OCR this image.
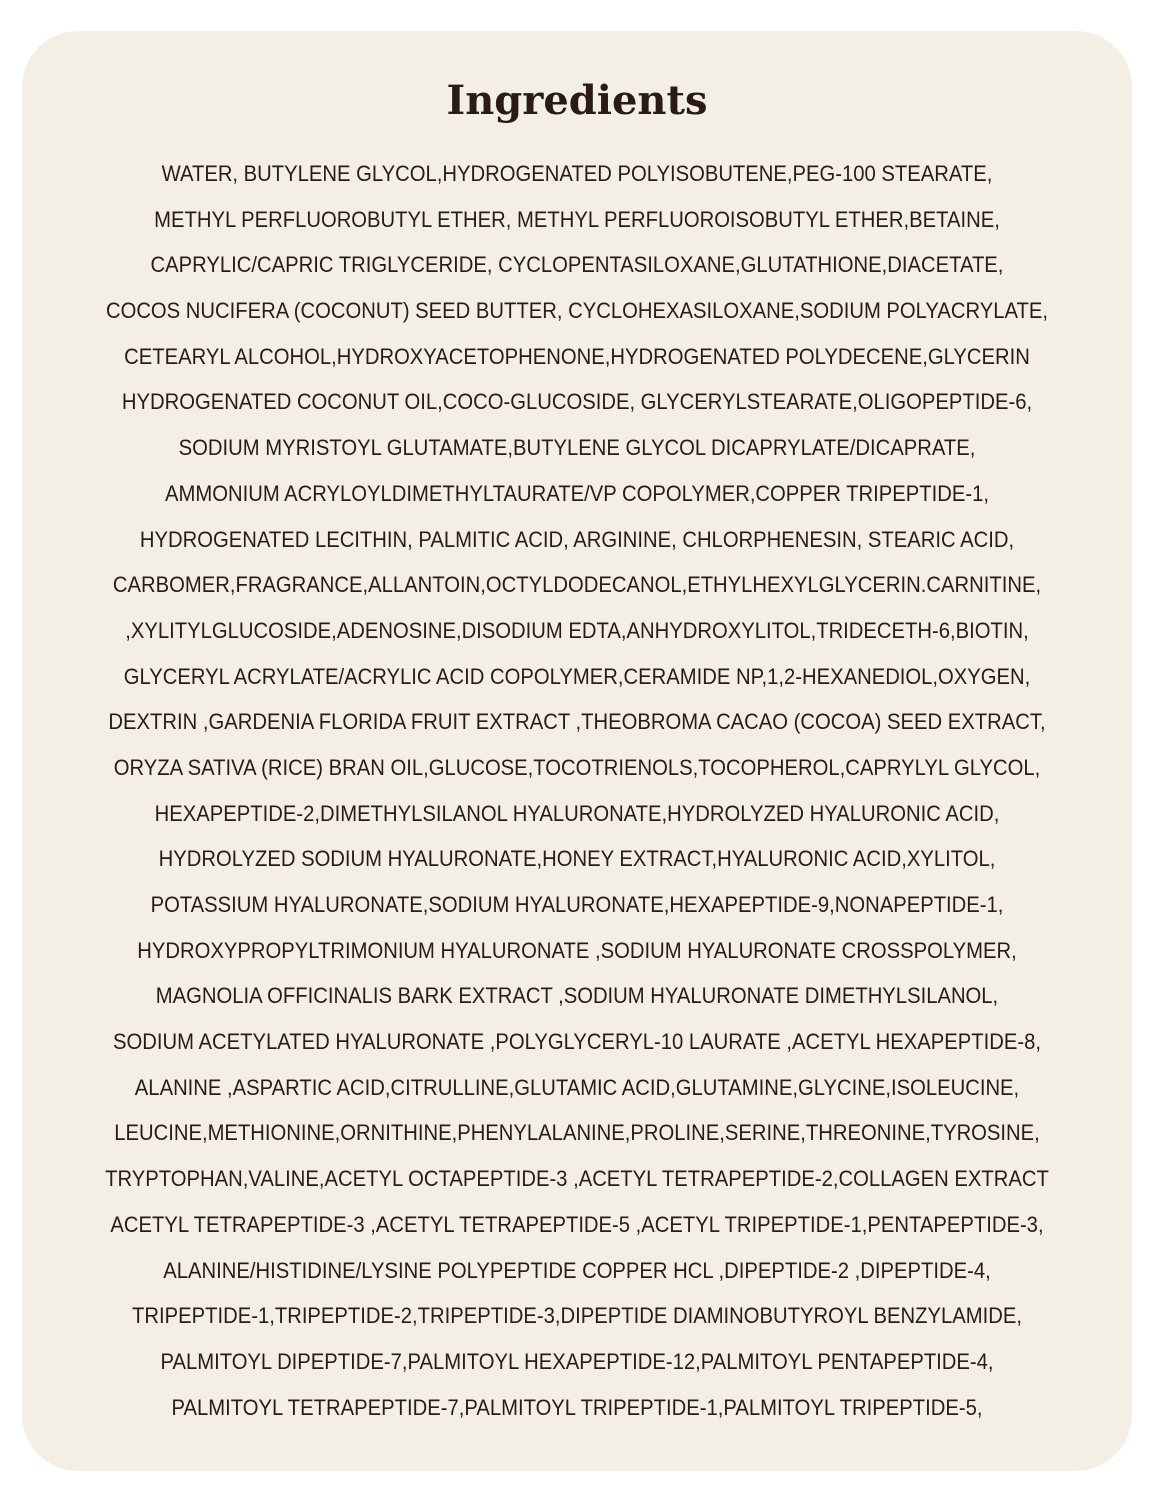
Ingredients
WATER, BUTYLENE GLYCOL,HYDROGENATED POLYISOBUTENE,PEG-100 STEARATE,
METHYL PERFLUOROBUTYL ETHER, METHYL PERFLUOROISOBUTYL ETHER,BETAINE,
CAPRYLIC/CAPRIC TRIGLYCERIDE, CYCLOPENTASILOXANE,GLUTATHIONE,DIACETATE,
COCOS NUCIFERA (COCONUT) SEED BUTTER, CYCLOHEXASILOXANE,SODIUM POLYACRYLATE,
CETEARYL ALCOHOL,HYDROXYACETOPHENONE,HYDROGENATED POLYDECENE,GLYCERIN
HYDROGENATED COCONUT OIL,COCO-GLUCOSIDE, GLYCERYLSTEARATE,OLIGOPEPTIDE-6,
SODIUM MYRISTOYL GLUTAMATE,BUTYLENE GLYCOL DICAPRYLATE/DICAPRATE,
AMMONIUM ACRYLOYLDIMETHYLTAURATE/VP COPOLYMER,COPPER TRIPEPTIDE-1,
HYDROGENATED LECITHIN, PALMITIC ACID, ARGININE, CHLORPHENESIN, STEARIC ACID,
CARBOMER,FRAGRANCE,ALLANTOIN,OCTYLDODECANOL,ETHYLHEXYLGLYCERIN.CARNITINE,
,XYLITYLGLUCOSIDE,ADENOSINE,DISODIUM EDTA,ANHYDROXYLITOL,TRIDECETH-6,BIOTIN,
GLYCERYL ACRYLATE/ACRYLIC ACID COPOLYMER,CERAMIDE NP,1,2-HEXANEDIOL,OXYGEN,
DEXTRIN ,GARDENIA FLORIDA FRUIT EXTRACT ,THEOBROMA CACAO (COCOA) SEED EXTRACT,
ORYZA SATIVA (RICE) BRAN OIL,GLUCOSE,TOCOTRIENOLS,TOCOPHEROL,CAPRYLYL GLYCOL,
HEXAPEPTIDE-2,DIMETHYLSILANOL HYALURONATE,HYDROLYZED HYALURONIC ACID,
HYDROLYZED SODIUM HYALURONATE,HONEY EXTRACT,HYALURONIC ACID,XYLITOL,
POTASSIUM HYALURONATE,SODIUM HYALURONATE,HEXAPEPTIDE-9,NONAPEPTIDE-1,
HYDROXYPROPYLTRIMONIUM HYALURONATE ,SODIUM HYALURONATE CROSSPOLYMER,
MAGNOLIA OFFICINALIS BARK EXTRACT ,SODIUM HYALURONATE DIMETHYLSILANOL,
SODIUM ACETYLATED HYALURONATE ,POLYGLYCERYL-10 LAURATE ,ACETYL HEXAPEPTIDE-8,
ALANINE ,ASPARTIC ACID,CITRULLINE,GLUTAMIC ACID,GLUTAMINE,GLYCINE,ISOLEUCINE,
LEUCINE,METHIONINE,ORNITHINE,PHENYLALANINE,PROLINE,SERINE,THREONINE,TYROSINE,
TRYPTOPHAN,VALINE,ACETYL OCTAPEPTIDE-3 ,ACETYL TETRAPEPTIDE-2,COLLAGEN EXTRACT
ACETYL TETRAPEPTIDE-3 ,ACETYL TETRAPEPTIDE-5 ,ACETYL TRIPEPTIDE-1,PENTAPEPTIDE-3,
ALANINE/HISTIDINE/LYSINE POLYPEPTIDE COPPER HCL ,DIPEPTIDE-2 ,DIPEPTIDE-4,
TRIPEPTIDE-1,TRIPEPTIDE-2,TRIPEPTIDE-3,DIPEPTIDE DIAMINOBUTYROYL BENZYLAMIDE,
PALMITOYL DIPEPTIDE-7,PALMITOYL HEXAPEPTIDE-12,PALMITOYL PENTAPEPTIDE-4,
PALMITOYL TETRAPEPTIDE-7,PALMITOYL TRIPEPTIDE-1,PALMITOYL TRIPEPTIDE-5,
